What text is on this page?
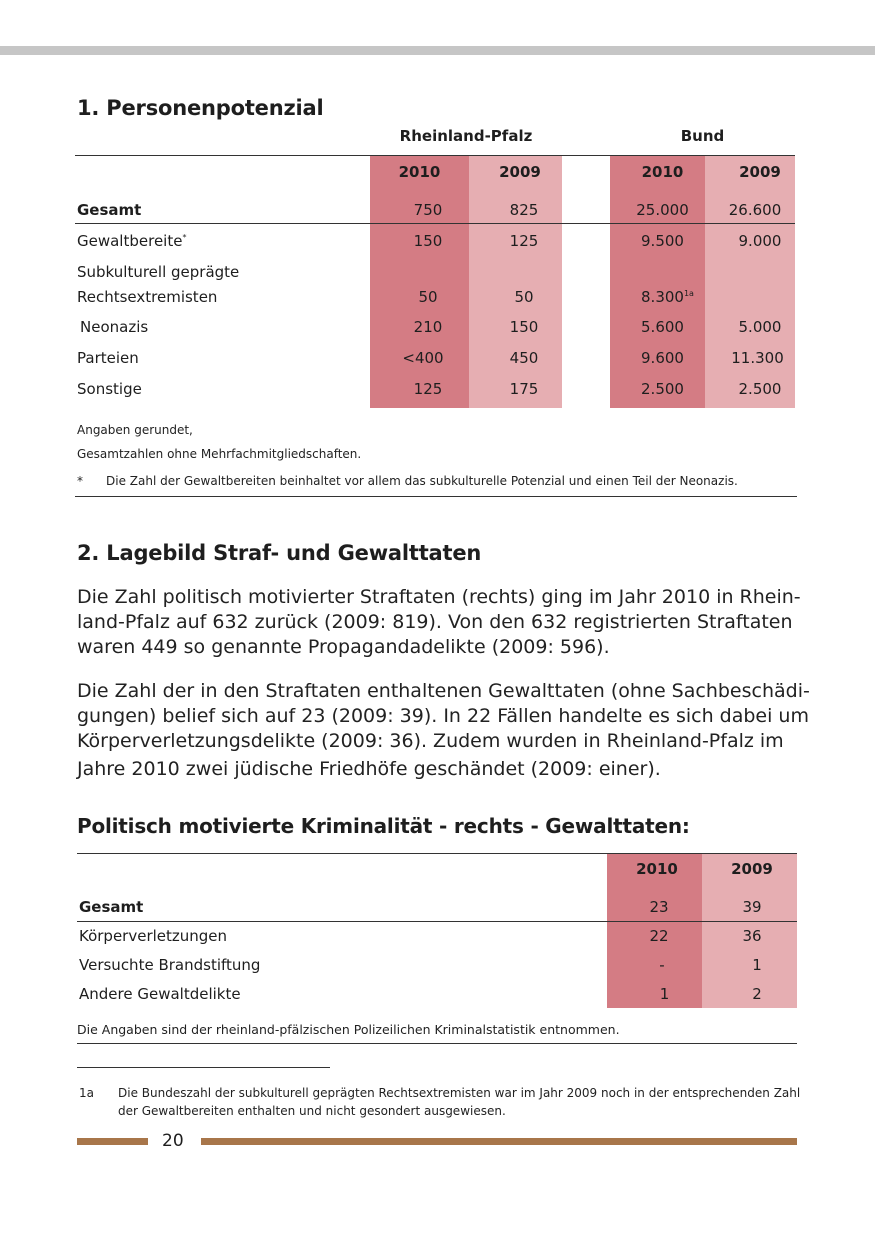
1. Personenpotenzial
Rheinland-Pfalz	Bund
2010	2009	2010	2009
Gesamt	750	825	25.000	26.600
Gewaltbereite*	150	125	9.500	9.000
Subkulturell geprägte
Rechtsextremisten	50	50	$8.300^{1a}$
Neonazis	210	150	5.600	5.000
Parteien	<400	450	9.600	11.300
Sonstige	125	175	2.500	2.500
Angaben gerundet,
Gesamtzahlen ohne Mehrfachmitgliedschaften.
* Die Zahl der Gewaltbereiten beinhaltet vor allem das subkulturelle Potenzial und einen Teil der Neonazis.
2. Lagebild Straf- und Gewalttaten
Die Zahl politisch motivierter Straftaten (rechts) ging im Jahr 2010 in Rhein-
land-Pfalz auf 632 zurück (2009: 819). Von den 632 registrierten Straftaten
waren 449 so genannte Propagandadelikte (2009: 596).
Die Zahl der in den Straftaten enthaltenen Gewalttaten (ohne Sachbeschädi-
gungen) belief sich auf 23 (2009: 39). In 22 Fällen handelte es sich dabei um
Körperverletzungsdelikte (2009: 36). Zudem wurden in Rheinland-Pfalz im
Jahre 2010 zwei jüdische Friedhöfe geschändet (2009: einer).
Politisch motivierte Kriminalität - rechts - Gewalttaten:
2010	2009
Gesamt	23	39
Körperverletzungen	22	36
Versuchte Brandstiftung	-	1
Andere Gewaltdelikte	1	2
Die Angaben sind der rheinland-pfälzischen Polizeilichen Kriminalstatistik entnommen.
1a Die Bundeszahl der subkulturell geprägten Rechtsextremisten war im Jahr 2009 noch in der entsprechenden Zahl
der Gewaltbereiten enthalten und nicht gesondert ausgewiesen.
20
